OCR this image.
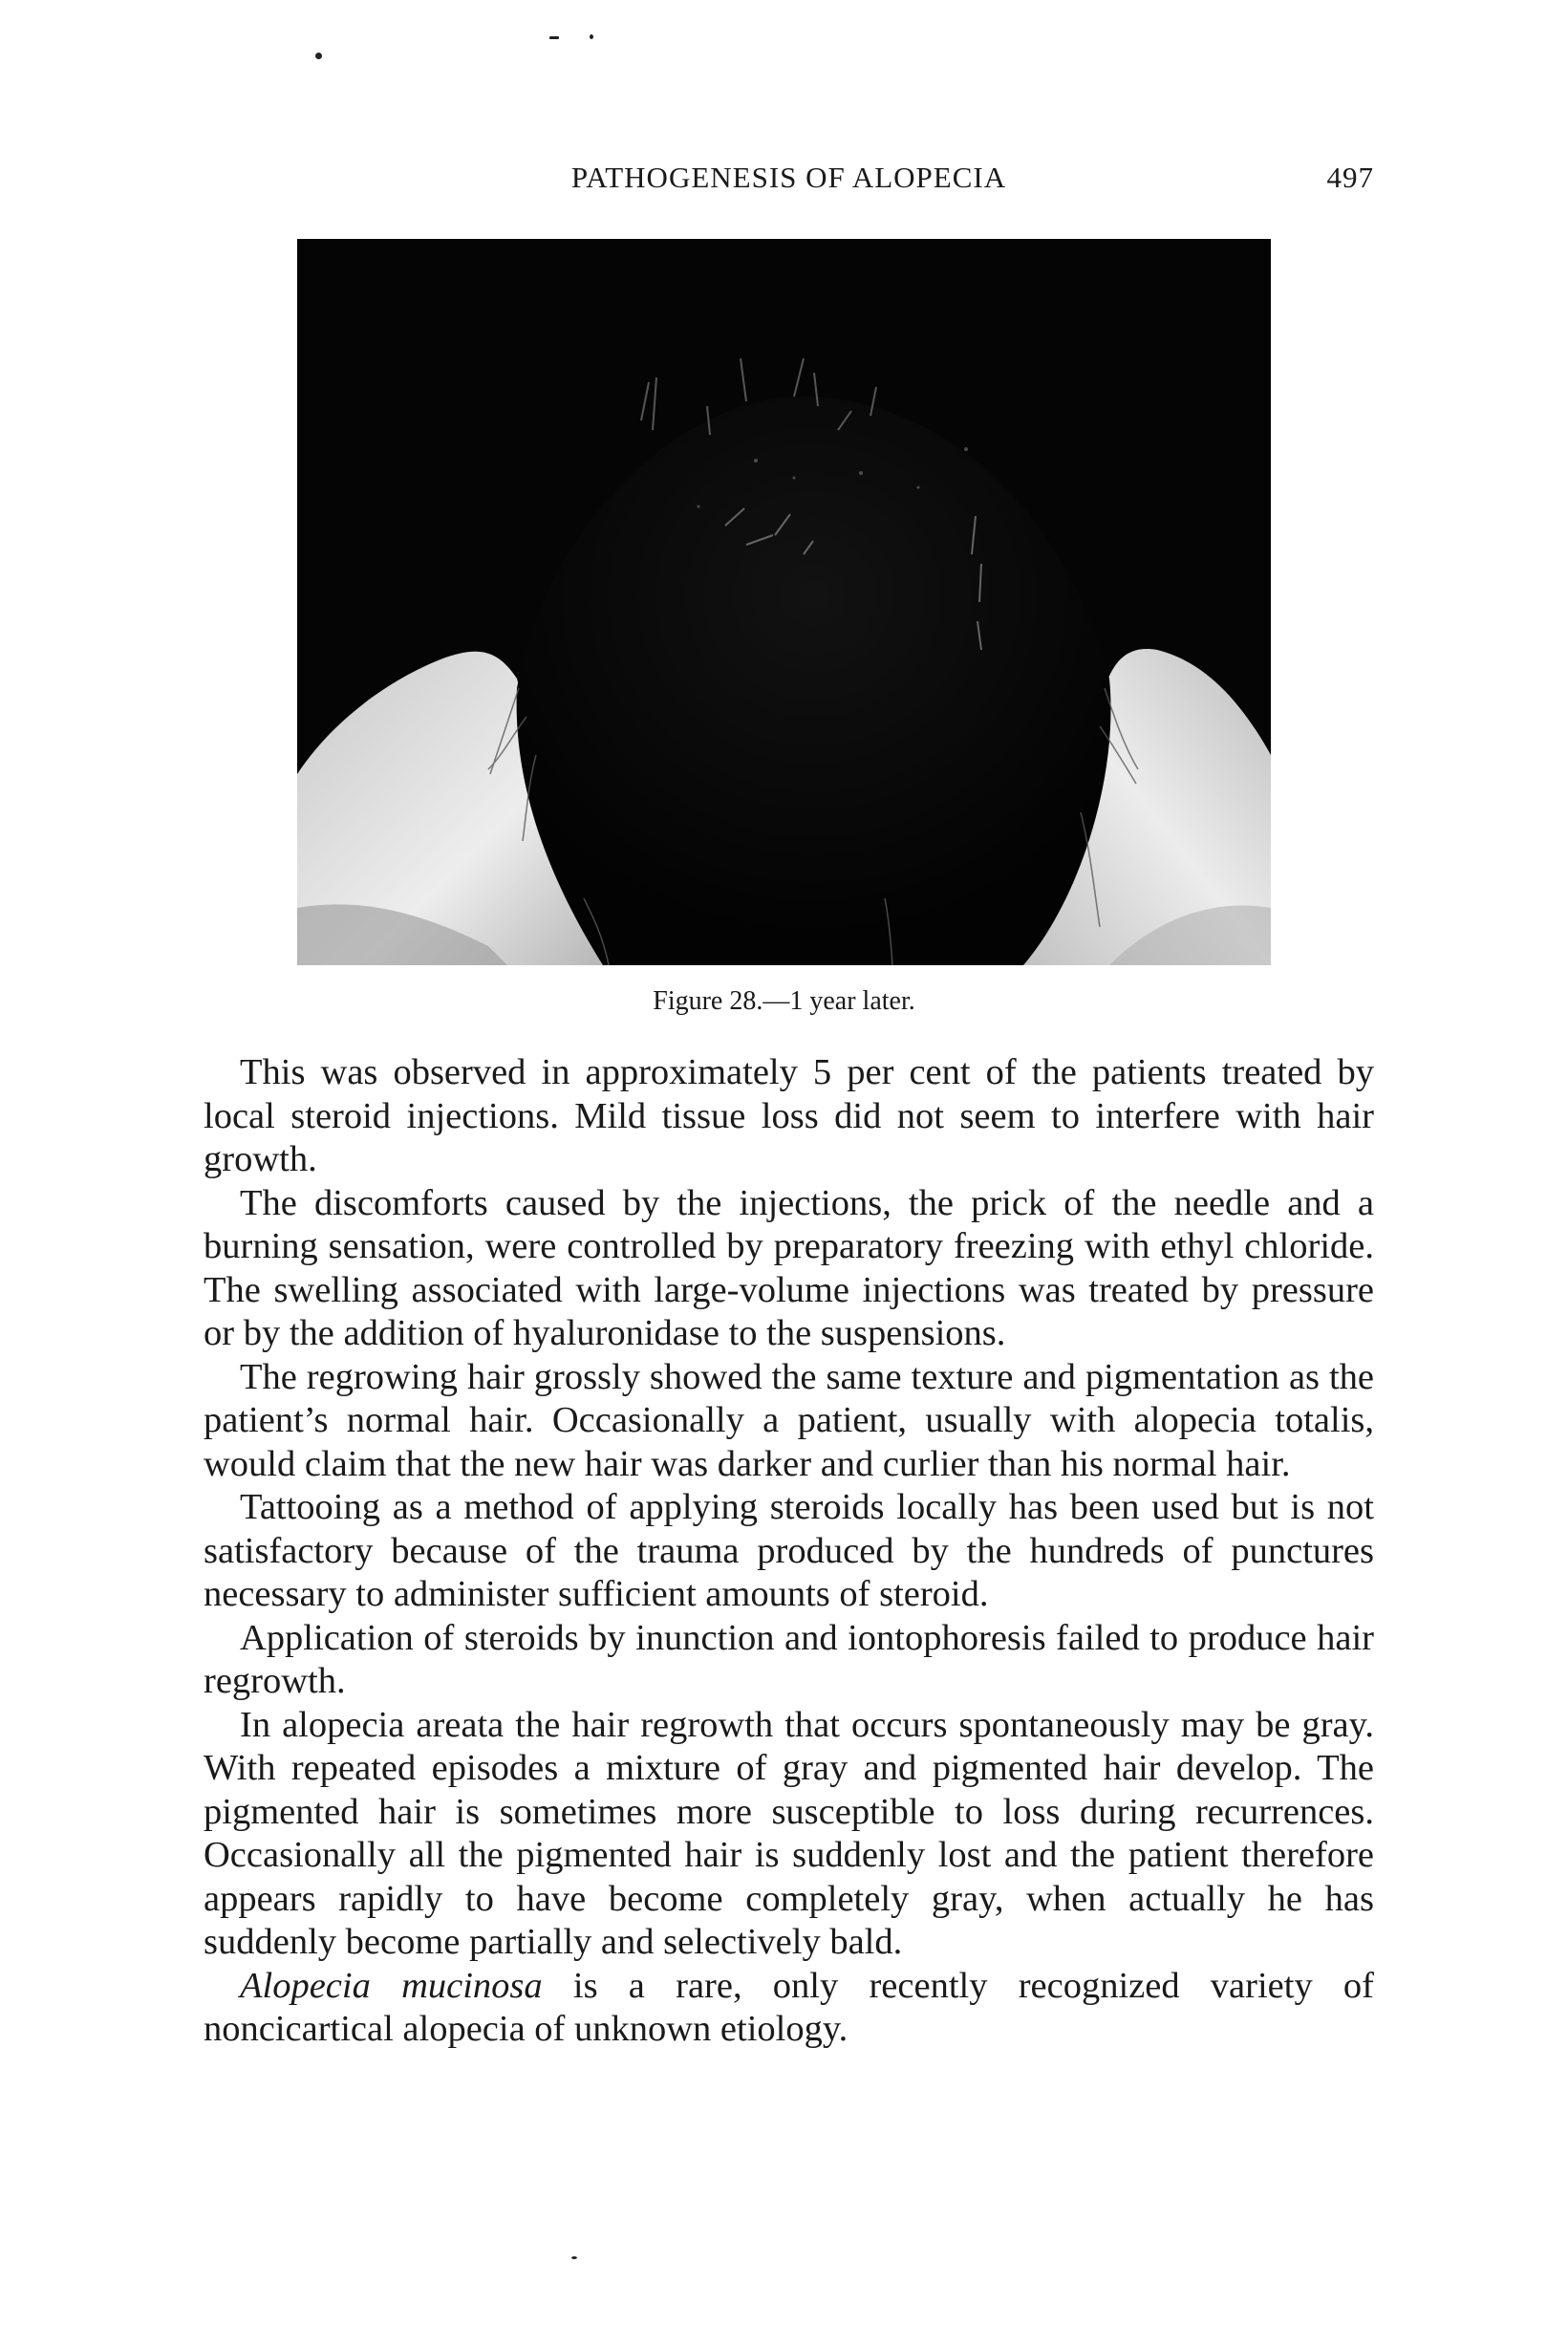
PATHOGENESIS OF ALOPECIA	497
Figure 28.—1 year later.

This was observed in approximately 5 per cent of the patients treated by local steroid injections. Mild tissue loss did not seem to interfere with hair growth.

The discomforts caused by the injections, the prick of the needle and a burning sensation, were controlled by preparatory freezing with ethyl chloride. The swelling associated with large-volume injections was treated by pressure or by the addition of hyaluronidase to the suspensions.

The regrowing hair grossly showed the same texture and pigmentation as the patient’s normal hair. Occasionally a patient, usually with alopecia totalis, would claim that the new hair was darker and curlier than his normal hair.

Tattooing as a method of applying steroids locally has been used but is not satisfactory because of the trauma produced by the hundreds of punctures necessary to administer sufficient amounts of steroid.

Application of steroids by inunction and iontophoresis failed to produce hair regrowth.

In alopecia areata the hair regrowth that occurs spontaneously may be gray. With repeated episodes a mixture of gray and pigmented hair develop. The pigmented hair is sometimes more susceptible to loss during recurrences. Occasionally all the pigmented hair is suddenly lost and the patient therefore appears rapidly to have become completely gray, when actually he has suddenly become partially and selectively bald.

Alopecia mucinosa is a rare, only recently recognized variety of noncicartical alopecia of unknown etiology.
